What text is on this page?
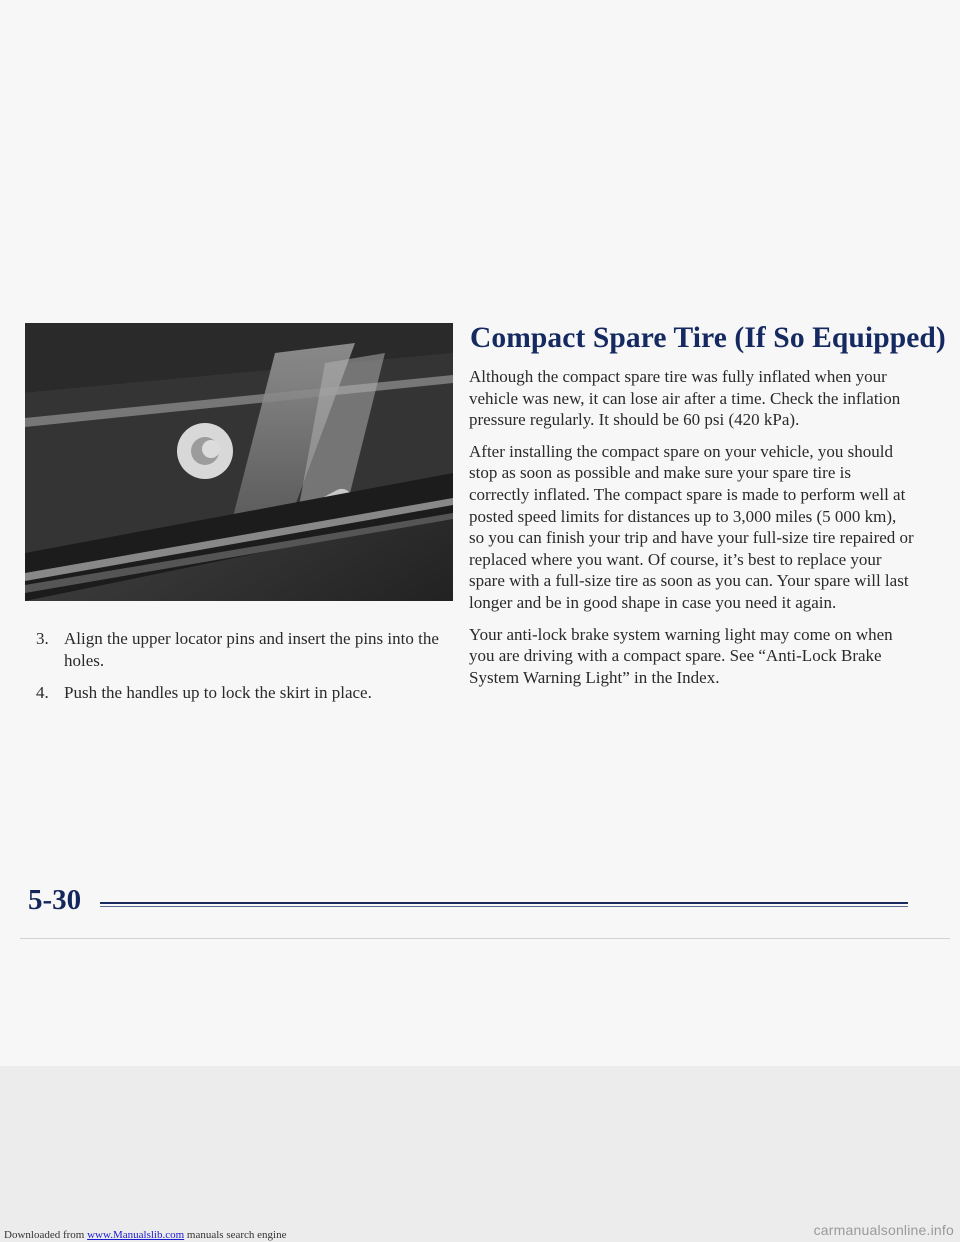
3. Align the upper locator pins and insert the pins into the holes.
4. Push the handles up to lock the skirt in place.
Compact Spare Tire (If So Equipped)

Although the compact spare tire was fully inflated when your vehicle was new, it can lose air after a time. Check the inflation pressure regularly. It should be 60 psi (420 kPa).

After installing the compact spare on your vehicle, you should stop as soon as possible and make sure your spare tire is correctly inflated. The compact spare is made to perform well at posted speed limits for distances up to 3,000 miles (5 000 km), so you can finish your trip and have your full-size tire repaired or replaced where you want. Of course, it’s best to replace your spare with a full-size tire as soon as you can. Your spare will last longer and be in good shape in case you need it again.

Your anti-lock brake system warning light may come on when you are driving with a compact spare. See “Anti-Lock Brake System Warning Light” in the Index.

5-30
Downloaded from www.Manualslib.com manuals search engine	carmanualsonline.info
